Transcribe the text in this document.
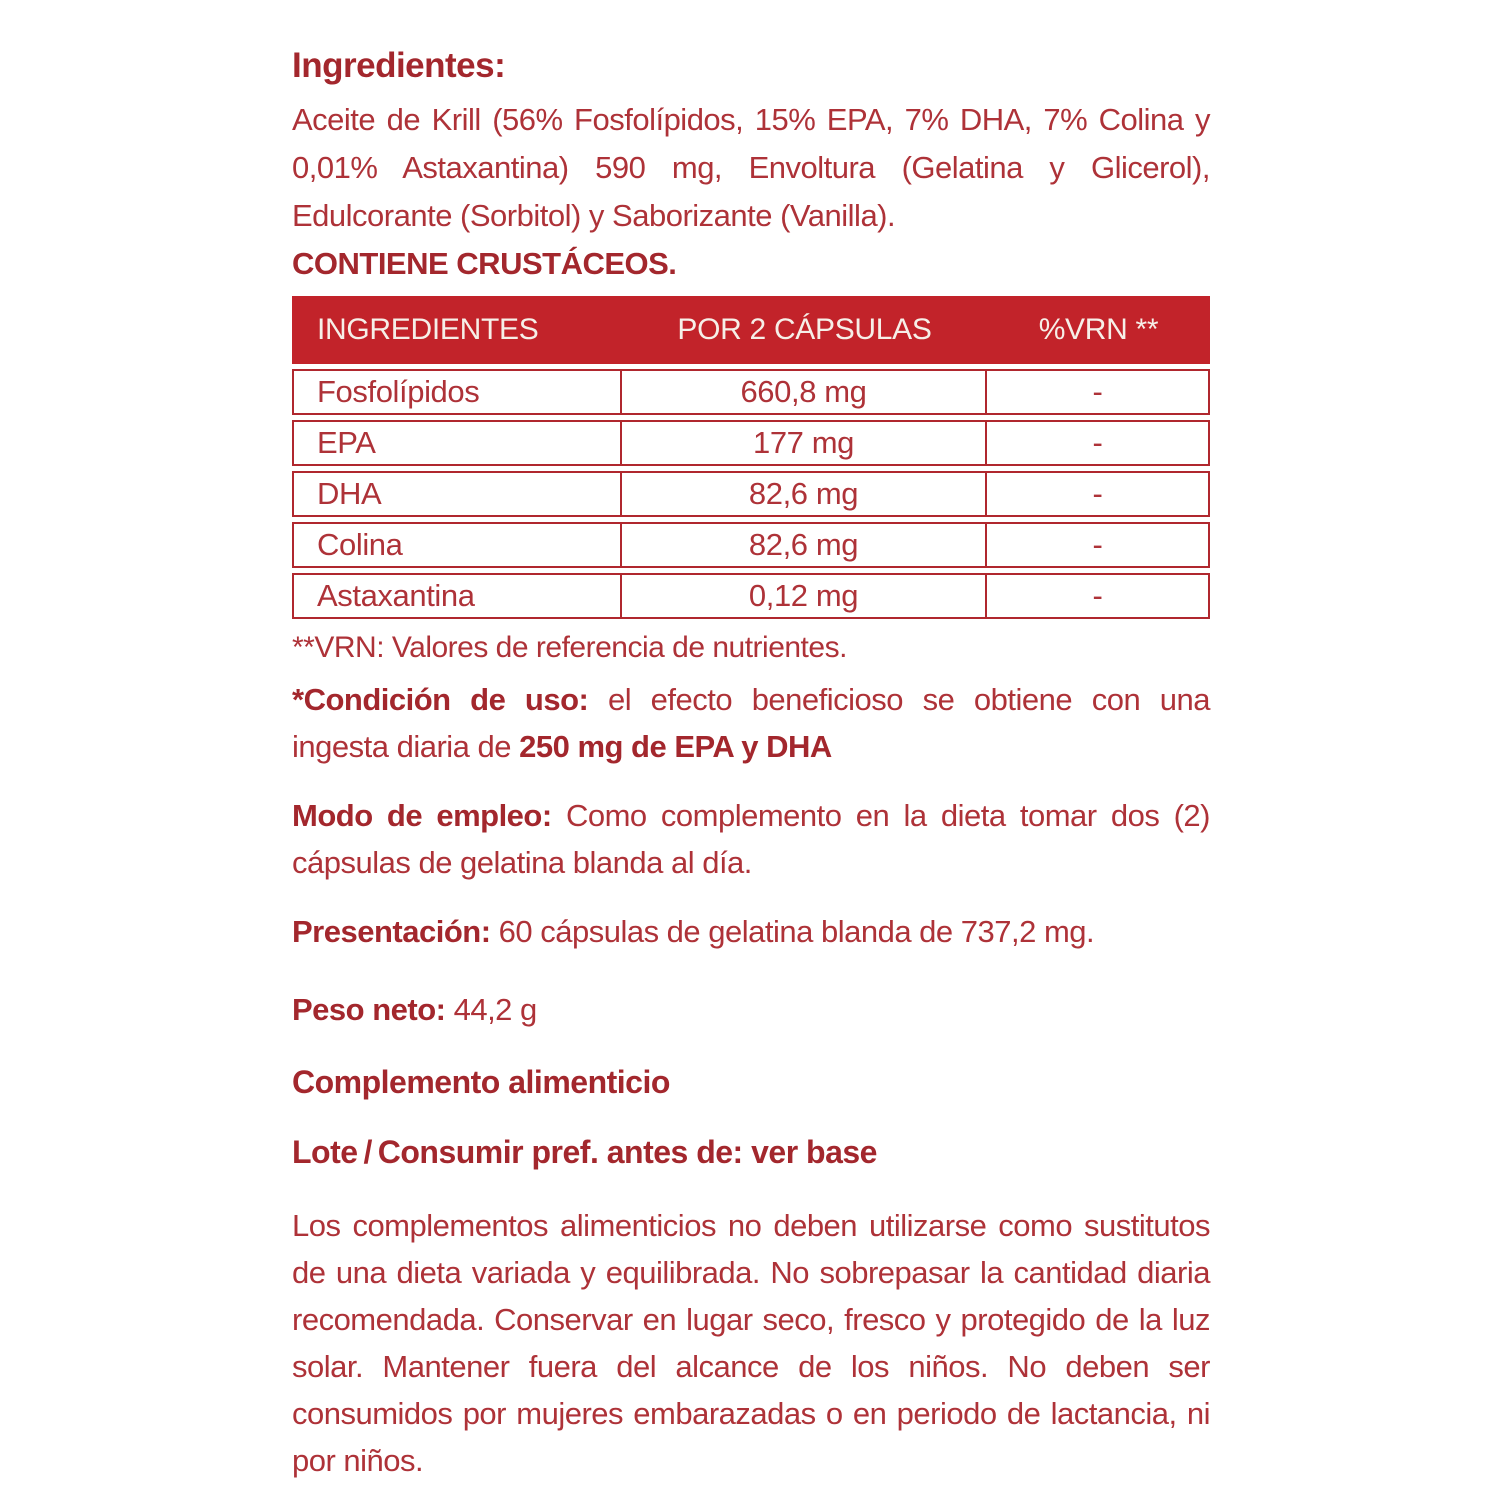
Ingredientes:
Aceite de Krill (56% Fosfolípidos, 15% EPA, 7% DHA, 7% Colina y 0,01% Astaxantina) 590 mg, Envoltura (Gelatina y Glicerol), Edulcorante (Sorbitol) y Saborizante (Vanilla).
CONTIENE CRUSTÁCEOS.
INGREDIENTES	POR 2 CÁPSULAS	%VRN **
Fosfolípidos	660,8 mg	-
EPA	177 mg	-
DHA	82,6 mg	-
Colina	82,6 mg	-
Astaxantina	0,12 mg	-
**VRN: Valores de referencia de nutrientes.
*Condición de uso: el efecto beneficioso se obtiene con una ingesta diaria de 250 mg de EPA y DHA
Modo de empleo: Como complemento en la dieta tomar dos (2) cápsulas de gelatina blanda al día.
Presentación: 60 cápsulas de gelatina blanda de 737,2 mg.
Peso neto: 44,2 g
Complemento alimenticio
Lote / Consumir pref. antes de: ver base
Los complementos alimenticios no deben utilizarse como sustitutos de una dieta variada y equilibrada. No sobrepasar la cantidad diaria recomendada. Conservar en lugar seco, fresco y protegido de la luz solar. Mantener fuera del alcance de los niños. No deben ser consumidos por mujeres embarazadas o en periodo de lactancia, ni por niños.
